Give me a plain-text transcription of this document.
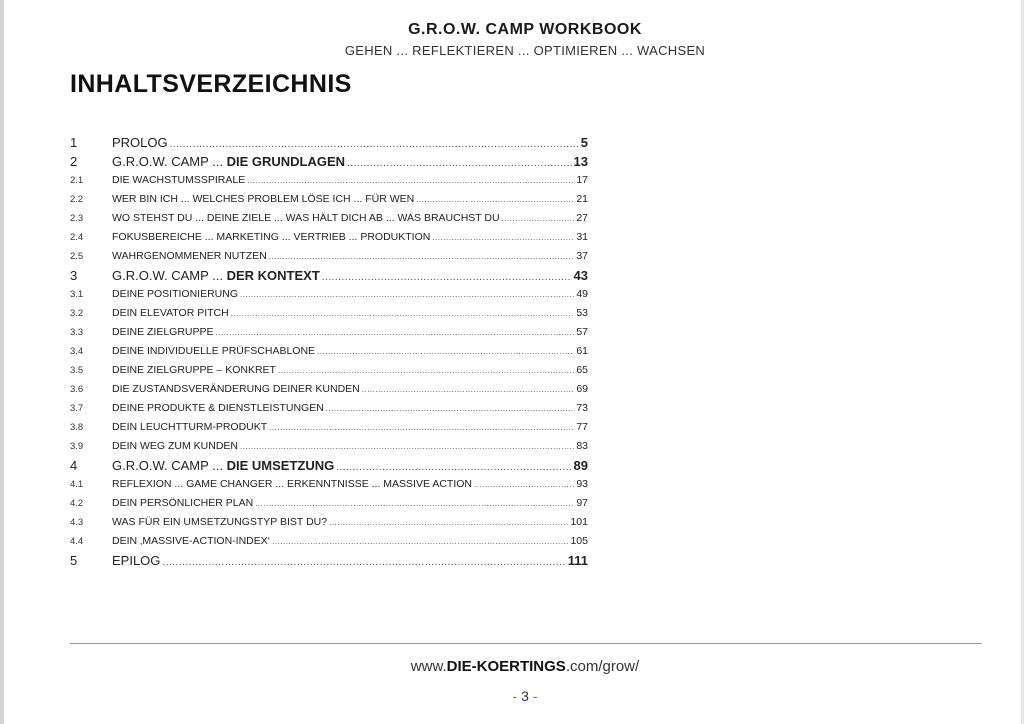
G.R.O.W. CAMP WORKBOOK
GEHEN ... REFLEKTIEREN ... OPTIMIEREN ... WACHSEN
INHALTSVERZEICHNIS
1	PROLOG .....	5
2	G.R.O.W. CAMP ... DIE GRUNDLAGEN .....	13
2.1	DIE WACHSTUMSSPIRALE .....	17
2.2	WER BIN ICH ... WELCHES PROBLEM LÖSE ICH ... FÜR WEN .....	21
2.3	WO STEHST DU ... DEINE ZIELE ... WAS HÄLT DICH AB ... WAS BRAUCHST DU .....	27
2.4	FOKUSBEREICHE ... MARKETING ... VERTRIEB ... PRODUKTION .....	31
2.5	WAHRGENOMMENER NUTZEN .....	37
3	G.R.O.W. CAMP ... DER KONTEXT .....	43
3.1	DEINE POSITIONIERUNG .....	49
3.2	DEIN ELEVATOR PITCH .....	53
3.3	DEINE ZIELGRUPPE .....	57
3.4	DEINE INDIVIDUELLE PRÜFSCHABLONE .....	61
3.5	DEINE ZIELGRUPPE – KONKRET .....	65
3.6	DIE ZUSTANDSVERÄNDERUNG DEINER KUNDEN .....	69
3.7	DEINE PRODUKTE & DIENSTLEISTUNGEN .....	73
3.8	DEIN LEUCHTTURM-PRODUKT .....	77
3.9	DEIN WEG ZUM KUNDEN .....	83
4	G.R.O.W. CAMP ... DIE UMSETZUNG .....	89
4.1	REFLEXION ... GAME CHANGER ... ERKENNTNISSE ... MASSIVE ACTION .....	93
4.2	DEIN PERSÖNLICHER PLAN .....	97
4.3	WAS FÜR EIN UMSETZUNGSTYP BIST DU? .....	101
4.4	DEIN ‚MASSIVE-ACTION-INDEX‘ .....	105
5	EPILOG .....	111
www.DIE-KOERTINGS.com/grow/
- 3 -
